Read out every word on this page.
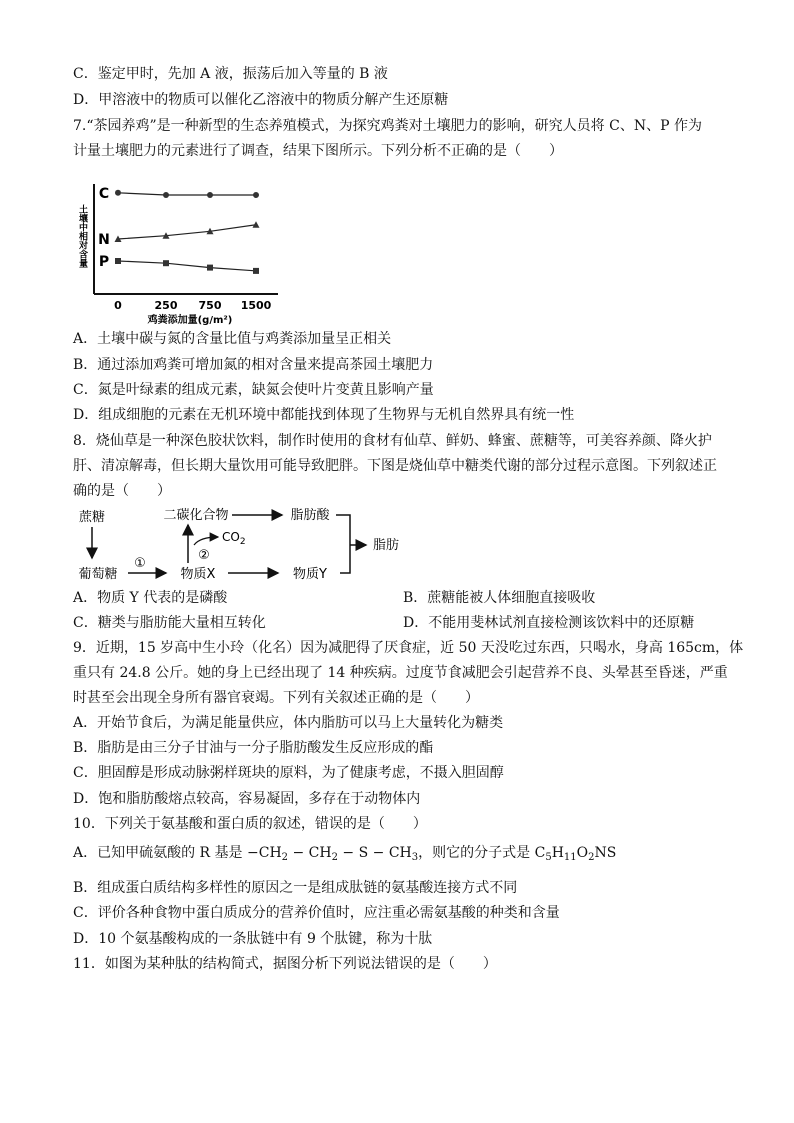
C．鉴定甲时，先加 A 液，振荡后加入等量的 B 液
D．甲溶液中的物质可以催化乙溶液中的物质分解产生还原糖
7.“茶园养鸡”是一种新型的生态养殖模式，为探究鸡粪对土壤肥力的影响，研究人员将 C、N、P 作为
计量土壤肥力的元素进行了调查，结果下图所示。下列分析不正确的是（　　）
土壤中相对含量
C
N
P
0	250 750 1500
鸡粪添加量(g/m²)
A．土壤中碳与氮的含量比值与鸡粪添加量呈正相关
B．通过添加鸡粪可增加氮的相对含量来提高茶园土壤肥力
C．氮是叶绿素的组成元素，缺氮会使叶片变黄且影响产量
D．组成细胞的元素在无机环境中都能找到体现了生物界与无机自然界具有统一性
8．烧仙草是一种深色胶状饮料，制作时使用的食材有仙草、鲜奶、蜂蜜、蔗糖等，可美容养颜、降火护
肝、清凉解毒，但长期大量饮用可能导致肥胖。下图是烧仙草中糖类代谢的部分过程示意图。下列叙述正
确的是（　　）
蔗糖
葡萄糖
①
物质X
②
$CO_2$
二碳化合物	脂肪酸
物质Y
脂肪
A．物质 Y 代表的是磷酸	B．蔗糖能被人体细胞直接吸收
C．糖类与脂肪能大量相互转化	D．不能用斐林试剂直接检测该饮料中的还原糖
9．近期，15 岁高中生小玲（化名）因为减肥得了厌食症，近 50 天没吃过东西，只喝水，身高 165cm，体
重只有 24.8 公斤。她的身上已经出现了 14 种疾病。过度节食减肥会引起营养不良、头晕甚至昏迷，严重
时甚至会出现全身所有器官衰竭。下列有关叙述正确的是（　　）
A．开始节食后，为满足能量供应，体内脂肪可以马上大量转化为糖类
B．脂肪是由三分子甘油与一分子脂肪酸发生反应形成的酯
C．胆固醇是形成动脉粥样斑块的原料，为了健康考虑，不摄入胆固醇
D．饱和脂肪酸熔点较高，容易凝固，多存在于动物体内
10．下列关于氨基酸和蛋白质的叙述，错误的是（　　）
A．已知甲硫氨酸的 R 基是 $-CH_2 - CH_2 - S - CH_3$，则它的分子式是 $C_5H_{11}O_2NS$
B．组成蛋白质结构多样性的原因之一是组成肽链的氨基酸连接方式不同
C．评价各种食物中蛋白质成分的营养价值时，应注重必需氨基酸的种类和含量
D．10 个氨基酸构成的一条肽链中有 9 个肽键，称为十肽
11．如图为某种肽的结构简式，据图分析下列说法错误的是（　　）
